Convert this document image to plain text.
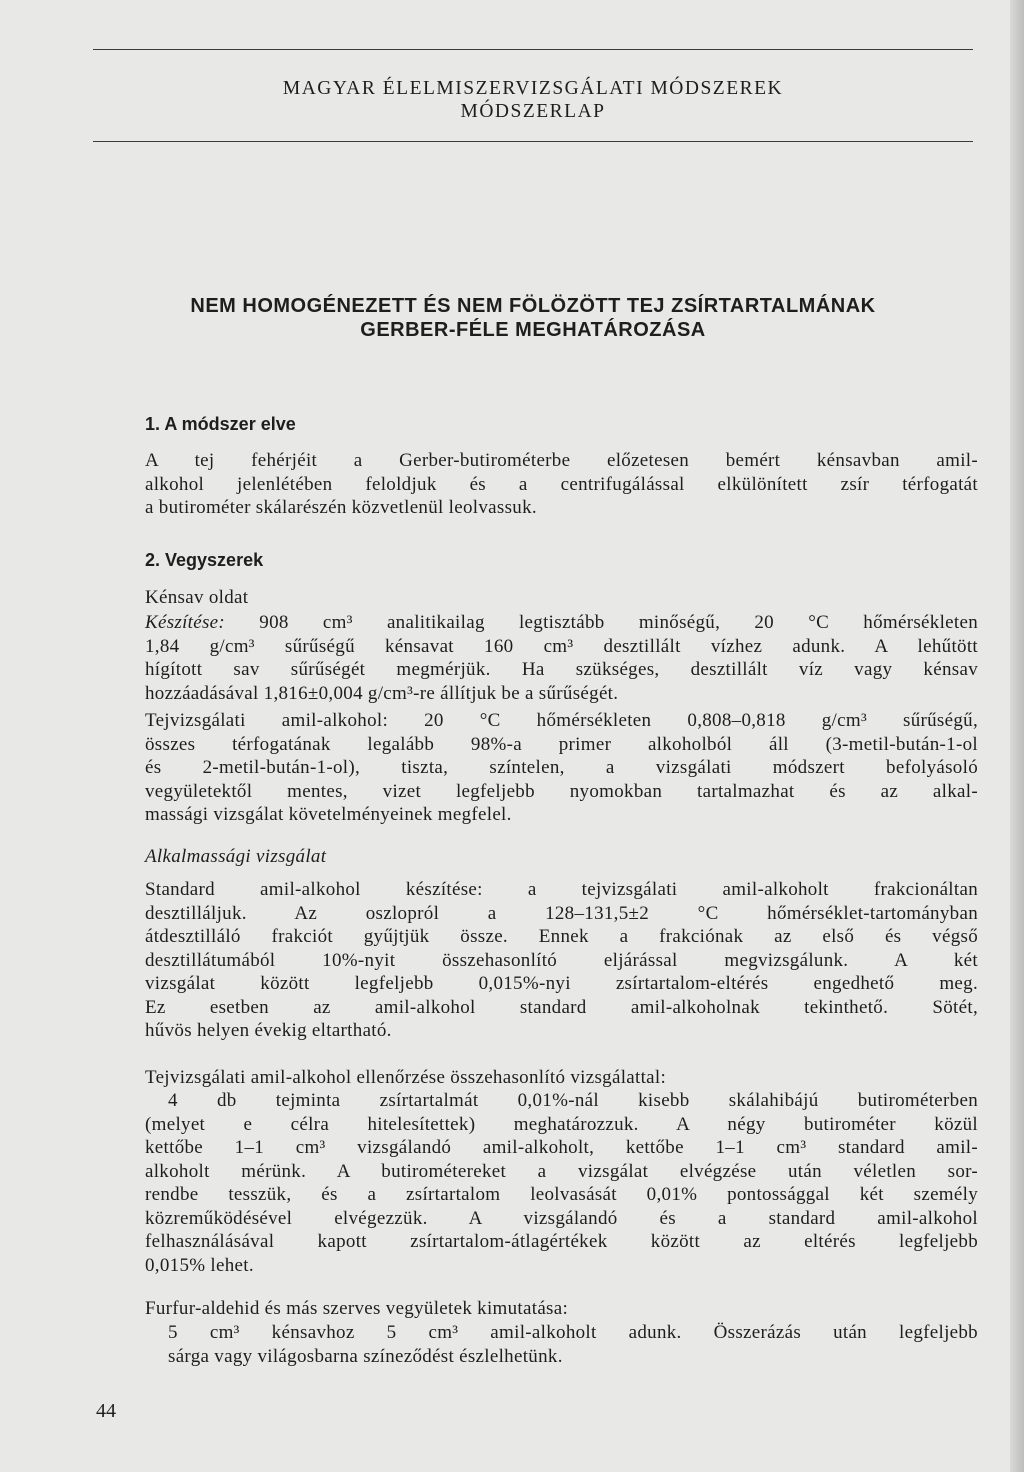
MAGYAR ÉLELMISZERVIZSGÁLATI MÓDSZEREK
MÓDSZERLAP
NEM HOMOGÉNEZETT ÉS NEM FÖLÖZÖTT TEJ ZSÍRTARTALMÁNAK
GERBER-FÉLE MEGHATÁROZÁSA
1. A módszer elve
A tej fehérjéit a Gerber-butirométerbe előzetesen bemért kénsavban amil-
alkohol jelenlétében feloldjuk és a centrifugálással elkülönített zsír térfogatát
a butirométer skálarészén közvetlenül leolvassuk.
2. Vegyszerek
Kénsav oldat
Készítése: 908 cm³ analitikailag legtisztább minőségű, 20 °C hőmérsékleten
1,84 g/cm³ sűrűségű kénsavat 160 cm³ desztillált vízhez adunk. A lehűtött
hígított sav sűrűségét megmérjük. Ha szükséges, desztillált víz vagy kénsav
hozzáadásával 1,816±0,004 g/cm³-re állítjuk be a sűrűségét.
Tejvizsgálati amil-alkohol: 20 °C hőmérsékleten 0,808–0,818 g/cm³ sűrűségű,
összes térfogatának legalább 98%-a primer alkoholból áll (3-metil-bután-1-ol
és 2-metil-bután-1-ol), tiszta, színtelen, a vizsgálati módszert befolyásoló
vegyületektől mentes, vizet legfeljebb nyomokban tartalmazhat és az alkal-
massági vizsgálat követelményeinek megfelel.
Alkalmassági vizsgálat
Standard amil-alkohol készítése: a tejvizsgálati amil-alkoholt frakcionáltan
desztilláljuk. Az oszlopról a 128–131,5±2 °C hőmérséklet-tartományban
átdesztilláló frakciót gyűjtjük össze. Ennek a frakciónak az első és végső
desztillátumából 10%-nyit összehasonlító eljárással megvizsgálunk. A két
vizsgálat között legfeljebb 0,015%-nyi zsírtartalom-eltérés engedhető meg.
Ez esetben az amil-alkohol standard amil-alkoholnak tekinthető. Sötét,
hűvös helyen évekig eltartható.
Tejvizsgálati amil-alkohol ellenőrzése összehasonlító vizsgálattal:
4 db tejminta zsírtartalmát 0,01%-nál kisebb skálahibájú butirométerben
(melyet e célra hitelesítettek) meghatározzuk. A négy butirométer közül
kettőbe 1–1 cm³ vizsgálandó amil-alkoholt, kettőbe 1–1 cm³ standard amil-
alkoholt mérünk. A butirométereket a vizsgálat elvégzése után véletlen sor-
rendbe tesszük, és a zsírtartalom leolvasását 0,01% pontossággal két személy
közreműködésével elvégezzük. A vizsgálandó és a standard amil-alkohol
felhasználásával kapott zsírtartalom-átlagértékek között az eltérés legfeljebb
0,015% lehet.
Furfur-aldehid és más szerves vegyületek kimutatása:
5 cm³ kénsavhoz 5 cm³ amil-alkoholt adunk. Összerázás után legfeljebb
sárga vagy világosbarna színeződést észlelhetünk.
44
